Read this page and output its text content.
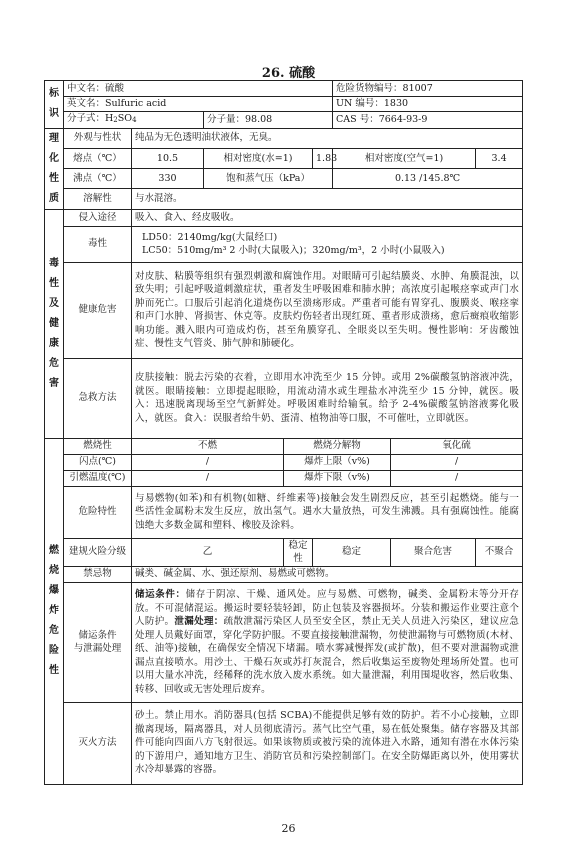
26. 硫酸
标识	中文名：硫酸					危险货物编号：81007		
	英文名：Sulfuric acid					UN 编号：1830		
	分子式：H2SO4		分子量：98.08			CAS 号：7664-93-9		
理化性质	外观与性状	纯品为无色透明油状液体，无臭。						
	熔点（℃）	10.5	相对密度(水=1)		1.83	相对密度(空气=1)		3.4
	沸点（℃）	330	饱和蒸气压（kPa）			0.13 /145.8℃		
	溶解性	与水混溶。						
毒性及健康危害	侵入途径	吸入、食入、经皮吸收。						
	毒性	LD50：2140mg/kg(大鼠经口)
LC50：510mg/m³ 2 小时(大鼠吸入)；320mg/m³，2 小时(小鼠吸入)						

	健康危害	对皮肤、粘膜等组织有强烈刺激和腐蚀作用。对眼睛可引起结膜炎、水肿、角膜混浊，以致失明；引起呼吸道刺激症状，重者发生呼吸困难和肺水肿；高浓度引起喉痉挛或声门水肿而死亡。口服后引起消化道烧伤以至溃疡形成。严重者可能有胃穿孔、腹膜炎、喉痉挛和声门水肿、肾损害、休克等。皮肤灼伤轻者出现红斑、重者形成溃疡，愈后癍痕收缩影响功能。溅入眼内可造成灼伤，甚至角膜穿孔、全眼炎以至失明。慢性影响：牙齿酸蚀症、慢性支气管炎、肺气肿和肺硬化。						
	急救方法	皮肤接触：脱去污染的衣着，立即用水冲洗至少 15 分钟。或用 2%碳酸氢钠溶液冲洗，就医。眼睛接触：立即提起眼睑，用流动清水或生理盐水冲洗至少 15 分钟，就医。吸入：迅速脱离现场至空气新鲜处。呼吸困难时给输氧。给予 2-4%碳酸氢钠溶液雾化吸入，就医。食入：误服者给牛奶、蛋清、植物油等口服，不可催吐，立即就医。						
燃烧爆炸危险性	燃烧性	不燃		燃烧分解物			氧化硫	
	闪点(℃)	/		爆炸上限（v%)			/	
	引燃温度(℃)	/		爆炸下限（v%)			/	
	危险特性	与易燃物(如苯)和有机物(如糖、纤维素等)接触会发生剧烈反应，甚至引起燃烧。能与一些活性金属粉末发生反应，放出氢气。遇水大量放热，可发生沸溅。具有强腐蚀性。能腐蚀绝大多数金属和塑料、橡胶及涂料。						
	建规火险分级	乙		稳定性	稳定		聚合危害	不聚合
	禁忌物	碱类、碱金属、水、强还原剂、易燃或可燃物。						

	储运条件
与泄漏处理	储运条件：储存于阴凉、干燥、通风处。应与易燃、可燃物，碱类、金属粉末等分开存放。不可混储混运。搬运时要轻装轻卸，防止包装及容器损坏。分装和搬运作业要注意个人防护。泄漏处理：疏散泄漏污染区人员至安全区，禁止无关人员进入污染区，建议应急处理人员戴好面罩，穿化学防护服。不要直接接触泄漏物，勿使泄漏物与可燃物质(木材、纸、油等)接触，在确保安全情况下堵漏。喷水雾减慢挥发(或扩散)，但不要对泄漏物或泄漏点直接喷水。用沙土、干燥石灰或苏打灰混合，然后收集运至废物处理场所处置。也可以用大量水冲洗，经稀释的洗水放入废水系统。如大量泄漏，利用围堤收容，然后收集、转移、回收或无害处理后废弃。						
	灭火方法	砂土。禁止用水。消防器具(包括 SCBA)不能提供足够有效的防护。若不小心接触，立即撤离现场，隔离器具，对人员彻底清污。蒸气比空气重，易在低处聚集。储存容器及其部件可能向四面八方飞射很远。如果该物质或被污染的流体进入水路，通知有潜在水体污染的下游用户，通知地方卫生、消防官员和污染控制部门。在安全防爆距离以外，使用雾状水冷却暴露的容器。						
26
